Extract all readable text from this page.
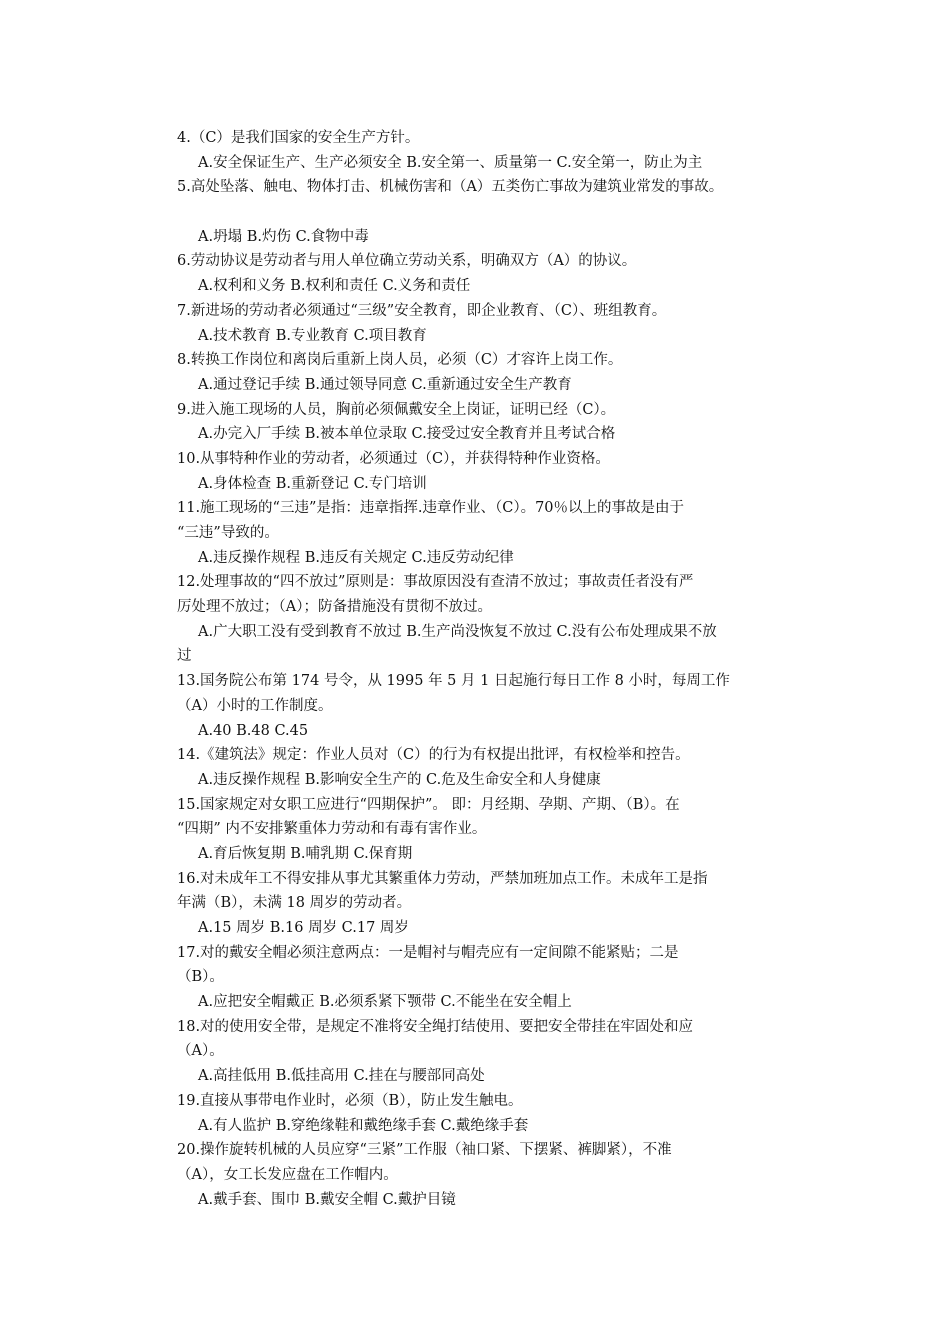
4.（C）是我们国家的安全生产方针。
A.安全保证生产、生产必须安全 B.安全第一、质量第一 C.安全第一，防止为主
5.高处坠落、触电、物体打击、机械伤害和（A）五类伤亡事故为建筑业常发的事故。
A.坍塌 B.灼伤 C.食物中毒
6.劳动协议是劳动者与用人单位确立劳动关系，明确双方（A）的协议。
A.权利和义务 B.权利和责任 C.义务和责任
7.新进场的劳动者必须通过“三级”安全教育，即企业教育、（C）、班组教育。
A.技术教育 B.专业教育 C.项目教育
8.转换工作岗位和离岗后重新上岗人员，必须（C）才容许上岗工作。
A.通过登记手续 B.通过领导同意 C.重新通过安全生产教育
9.进入施工现场的人员，胸前必须佩戴安全上岗证，证明已经（C）。
A.办完入厂手续 B.被本单位录取 C.接受过安全教育并且考试合格
10.从事特种作业的劳动者，必须通过（C），并获得特种作业资格。
A.身体检查 B.重新登记 C.专门培训
11.施工现场的“三违”是指：违章指挥.违章作业、（C）。70％以上的事故是由于
“三违”导致的。
A.违反操作规程 B.违反有关规定 C.违反劳动纪律
12.处理事故的“四不放过”原则是：事故原因没有查清不放过；事故责任者没有严
厉处理不放过；（A）；防备措施没有贯彻不放过。
A.广大职工没有受到教育不放过 B.生产尚没恢复不放过 C.没有公布处理成果不放
过
13.国务院公布第 174 号令，从 1995 年 5 月 1 日起施行每日工作 8 小时，每周工作
（A）小时的工作制度。
A.40 B.48 C.45
14.《建筑法》规定：作业人员对（C）的行为有权提出批评，有权检举和控告。
A.违反操作规程 B.影响安全生产的 C.危及生命安全和人身健康
15.国家规定对女职工应进行“四期保护”。 即：月经期、孕期、产期、（B）。在
“四期” 内不安排繁重体力劳动和有毒有害作业。
A.育后恢复期 B.哺乳期 C.保育期
16.对未成年工不得安排从事尤其繁重体力劳动，严禁加班加点工作。未成年工是指
年满（B），未满 18 周岁的劳动者。
A.15 周岁 B.16 周岁 C.17 周岁
17.对的戴安全帽必须注意两点：一是帽衬与帽壳应有一定间隙不能紧贴；二是
（B）。
A.应把安全帽戴正 B.必须系紧下颚带 C.不能坐在安全帽上
18.对的使用安全带，是规定不准将安全绳打结使用、要把安全带挂在牢固处和应
（A）。
A.高挂低用 B.低挂高用 C.挂在与腰部同高处
19.直接从事带电作业时，必须（B），防止发生触电。
A.有人监护 B.穿绝缘鞋和戴绝缘手套 C.戴绝缘手套
20.操作旋转机械的人员应穿“三紧”工作服（袖口紧、下摆紧、裤脚紧），不准
（A），女工长发应盘在工作帽内。
A.戴手套、围巾 B.戴安全帽 C.戴护目镜
